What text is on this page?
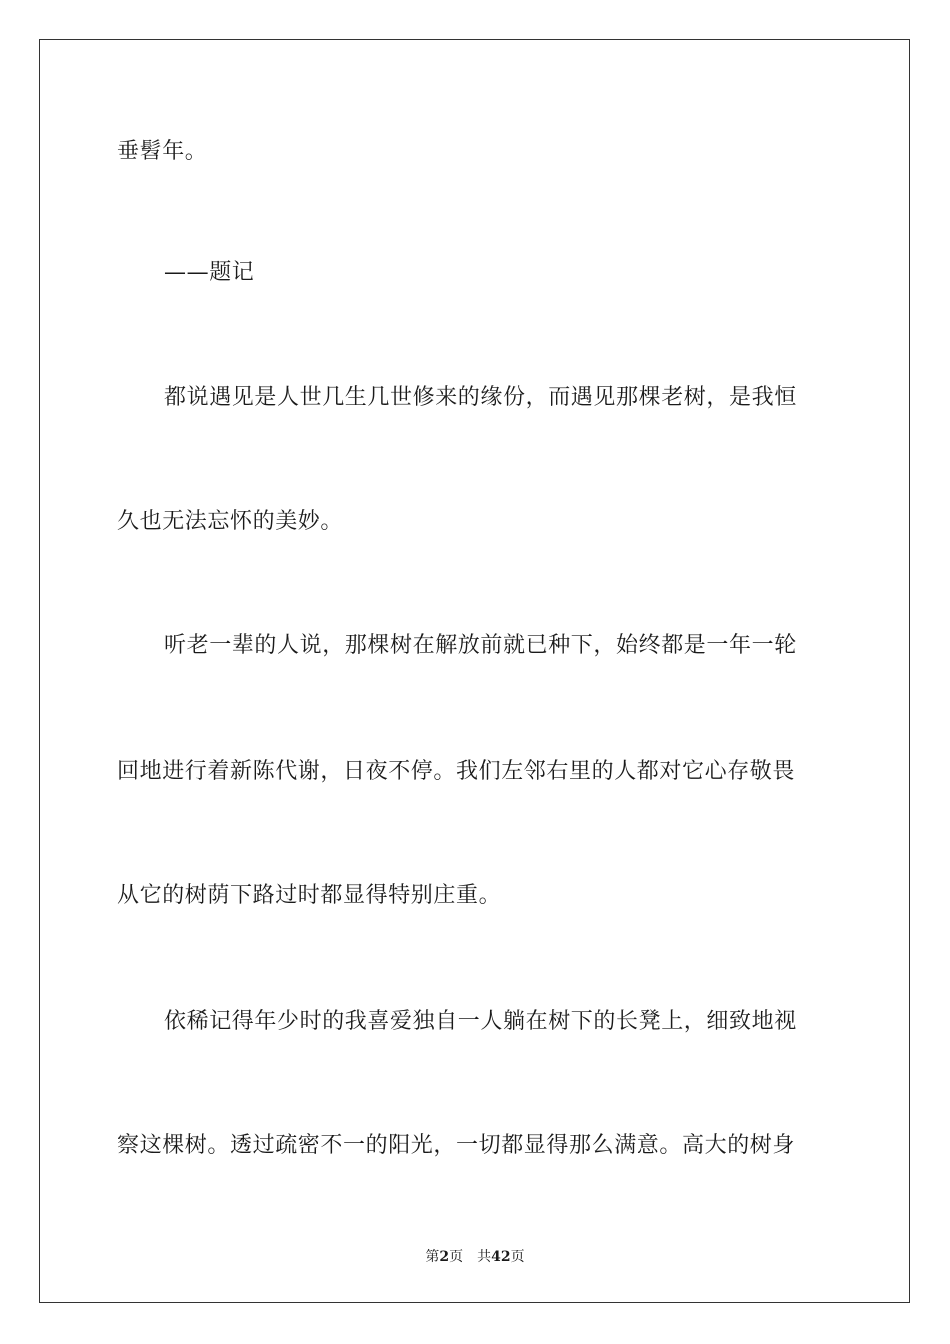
垂髫年。
——题记
都说遇见是人世几生几世修来的缘份，而遇见那棵老树，是我恒
久也无法忘怀的美妙。
听老一辈的人说，那棵树在解放前就已种下，始终都是一年一轮
回地进行着新陈代谢，日夜不停。我们左邻右里的人都对它心存敬畏
从它的树荫下路过时都显得特别庄重。
依稀记得年少时的我喜爱独自一人躺在树下的长凳上，细致地视
察这棵树。透过疏密不一的阳光，一切都显得那么满意。高大的树身
第2页 共42页
